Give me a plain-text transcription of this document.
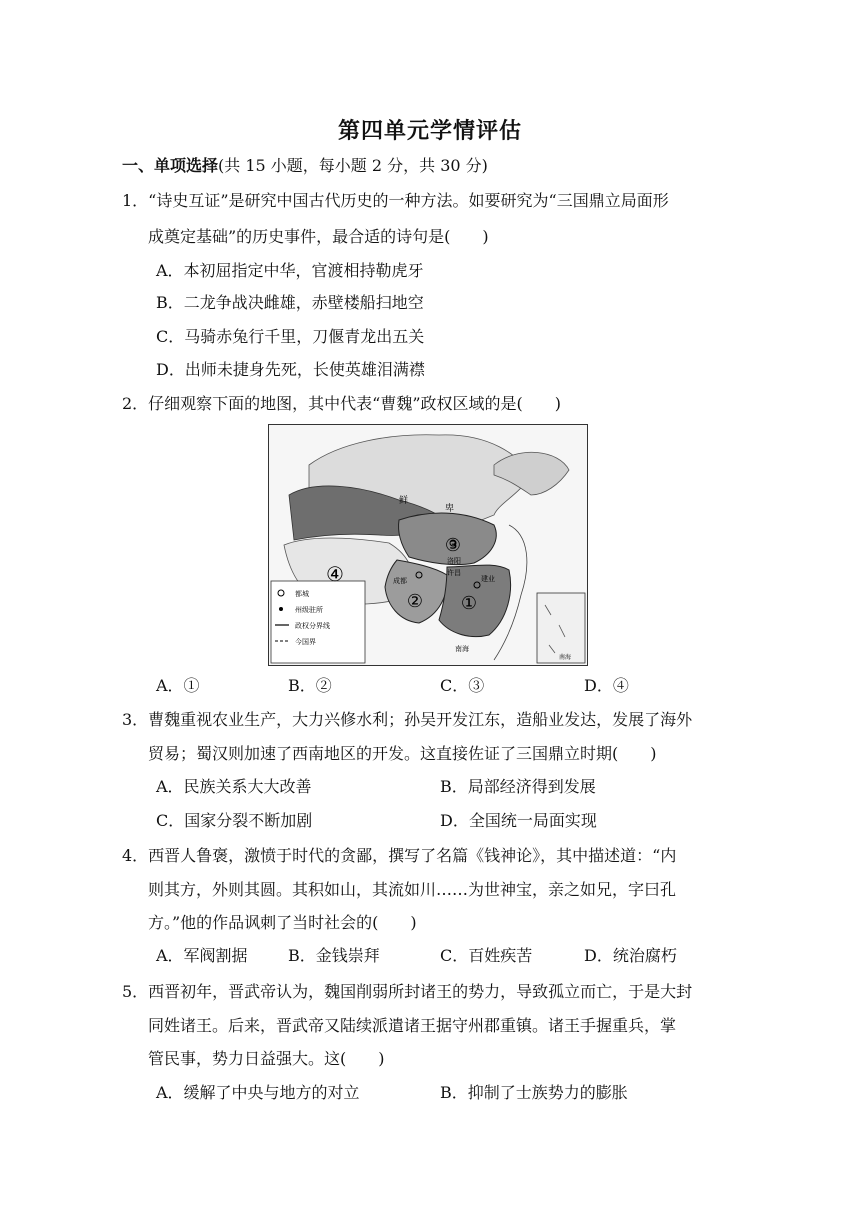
第四单元学情评估
一、单项选择(共 15 小题，每小题 2 分，共 30 分)
1．“诗史互证”是研究中国古代历史的一种方法。如要研究为“三国鼎立局面形
成奠定基础”的历史事件，最合适的诗句是(　　)
A．本初屈指定中华，官渡相持勒虎牙
B．二龙争战决雌雄，赤壁楼船扫地空
C．马骑赤兔行千里，刀偃青龙出五关
D．出师未捷身先死，长使英雄泪满襟
2．仔细观察下面的地图，其中代表“曹魏”政权区域的是(　　)
③
④
② ①
鲜
卑
洛阳
成都
许昌
建业
南海
南海
都城
州级驻所
政权分界线
今国界
A．①	B．②	C．③	D．④
3．曹魏重视农业生产，大力兴修水利；孙吴开发江东，造船业发达，发展了海外
贸易；蜀汉则加速了西南地区的开发。这直接佐证了三国鼎立时期(　　)
A．民族关系大大改善	B．局部经济得到发展
C．国家分裂不断加剧	D．全国统一局面实现
4．西晋人鲁褒，激愤于时代的贪鄙，撰写了名篇《钱神论》，其中描述道：“内
则其方，外则其圆。其积如山，其流如川……为世神宝，亲之如兄，字曰孔
方。”他的作品讽刺了当时社会的(　　)
A．军阀割据	B．金钱崇拜	C．百姓疾苦	D．统治腐朽
5．西晋初年，晋武帝认为，魏国削弱所封诸王的势力，导致孤立而亡，于是大封
同姓诸王。后来，晋武帝又陆续派遣诸王据守州郡重镇。诸王手握重兵，掌
管民事，势力日益强大。这(　　)
A．缓解了中央与地方的对立	B．抑制了士族势力的膨胀
